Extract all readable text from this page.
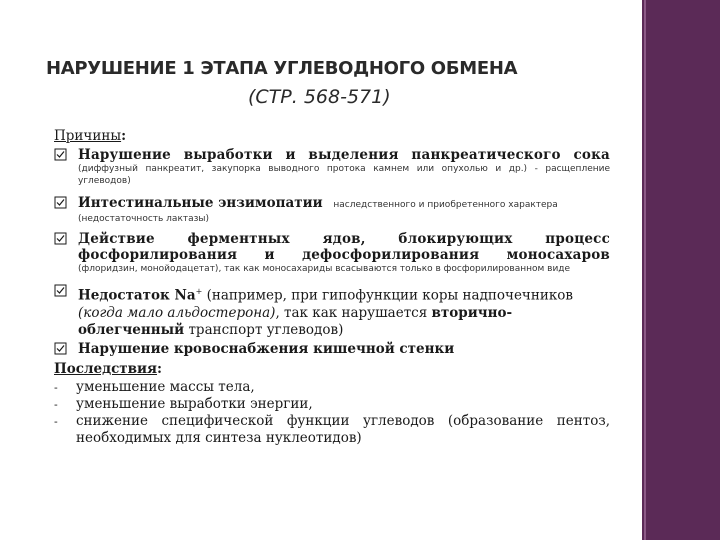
НАРУШЕНИЕ 1 ЭТАПА УГЛЕВОДНОГО ОБМЕНА
(СТР. 568-571)
Причины:
Нарушение выработки и выделения панкреатического сока
(диффузный панкреатит, закупорка выводного протока камнем или опухолью и др.) - расщепление углеводов)
Интестинальные энзимопатии наследственного и приобретенного характера
(недостаточность лактазы)
Действие ферментных ядов, блокирующих процесс фосфорилирования и дефосфорилирования моносахаров
(флоридзин, монойодацетат), так как моносахариды всасываются только в фосфорилированном виде
Недостаток Na+ (например, при гипофункции коры надпочечников (когда мало альдостерона), так как нарушается вторично-облегченный транспорт углеводов)
Нарушение кровоснабжения кишечной стенки
Последствия:
- уменьшение массы тела,
- уменьшение выработки энергии,
- снижение специфической функции углеводов (образование пентоз, необходимых для синтеза нуклеотидов)
